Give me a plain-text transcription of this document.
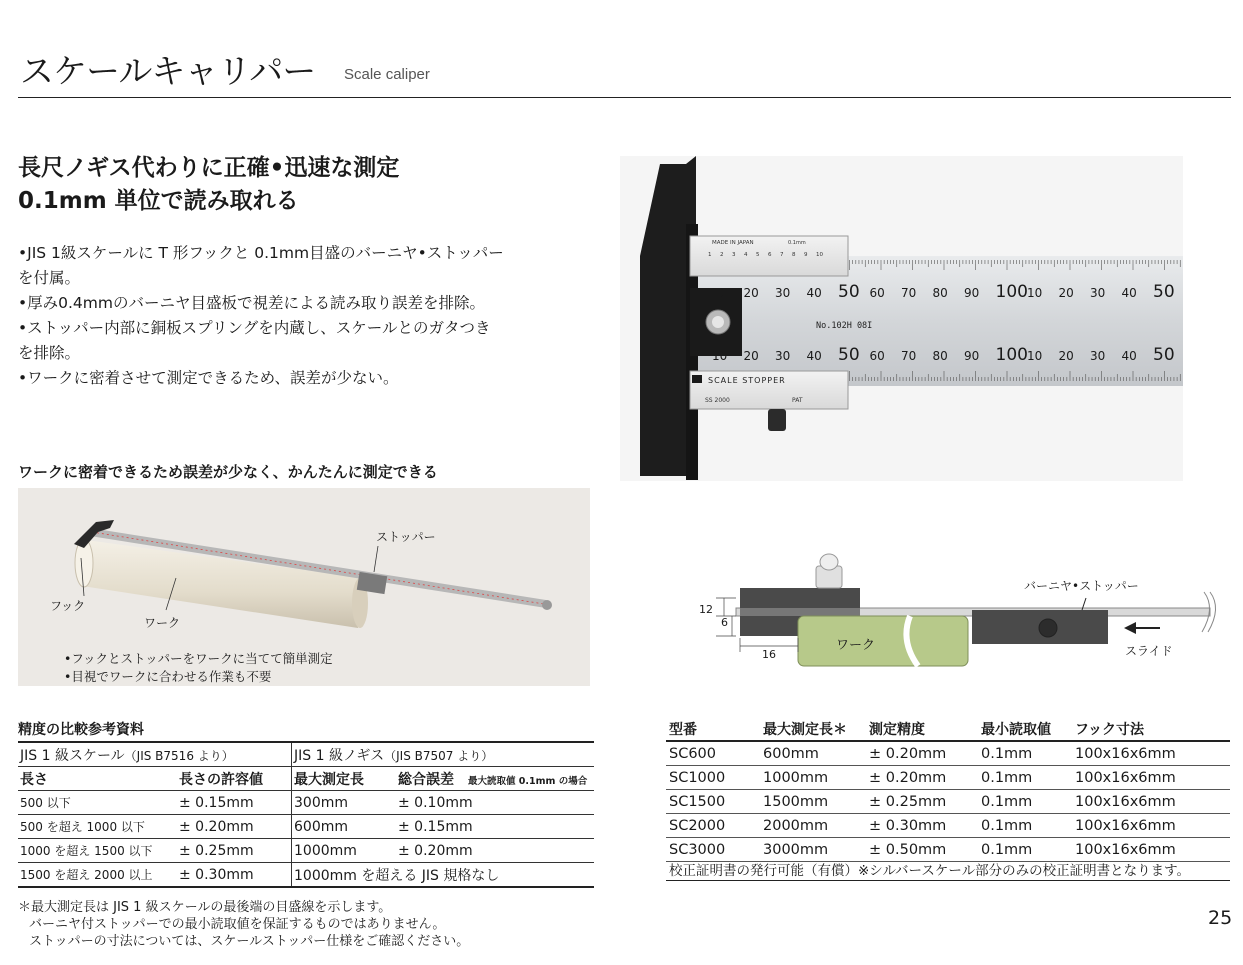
スケールキャリパー Scale caliper
長尺ノギス代わりに正確•迅速な測定
0.1mm 単位で読み取れる
•JIS 1級スケールに T 形フックと 0.1mm目盛のバーニヤ•ストッパー
を付属。
•厚み0.4mmのバーニヤ目盛板で視差による読み取り誤差を排除。
•ストッパー内部に銅板スプリングを内蔵し、スケールとのガタつき
を排除。
•ワークに密着させて測定できるため、誤差が少ない。
MADE IN JAPAN	0.1mm
1 2 3 4 5 6 7 8 9 10
10 20 30 40 50 60 70 80 90 100 10 20 30 40 50
10 20 30 40 50 60 70 80 90 100 10 20 30 40 50
No.102H 08I
SCALE STOPPER
SS 2000	PAT
ワークに密着できるため誤差が少なく、かんたんに測定できる
ストッパー
フック
ワーク
•フックとストッパーをワークに当てて簡単測定
•目視でワークに合わせる作業も不要
バーニヤ•ストッパー
ワーク	スライド
12
6
16
精度の比較参考資料
JIS 1 級スケール（JIS B7516 より）		JIS 1 級ノギス（JIS B7507 より）	
長さ	長さの許容値	最大測定長	総合誤差　 最大読取値 0.1mm の場合
500 以下	± 0.15mm	300mm	± 0.10mm
500 を超え 1000 以下	± 0.20mm	600mm	± 0.15mm
1000 を超え 1500 以下	± 0.25mm	1000mm	± 0.20mm
1500 を超え 2000 以上	± 0.30mm	1000mm を超える JIS 規格なし	
型番	最大測定長＊	測定精度	最小読取値	フック寸法
SC600	600mm	± 0.20mm	0.1mm	100x16x6mm
SC1000	1000mm	± 0.20mm	0.1mm	100x16x6mm
SC1500	1500mm	± 0.25mm	0.1mm	100x16x6mm
SC2000	2000mm	± 0.30mm	0.1mm	100x16x6mm
SC3000	3000mm	± 0.50mm	0.1mm	100x16x6mm
校正証明書の発行可能（有償）※シルバースケール部分のみの校正証明書となります。
＊最大測定長は JIS 1 級スケールの最後端の目盛線を示します。
バーニヤ付ストッパーでの最小読取値を保証するものではありません。
ストッパーの寸法については、スケールストッパー仕様をご確認ください。
25
